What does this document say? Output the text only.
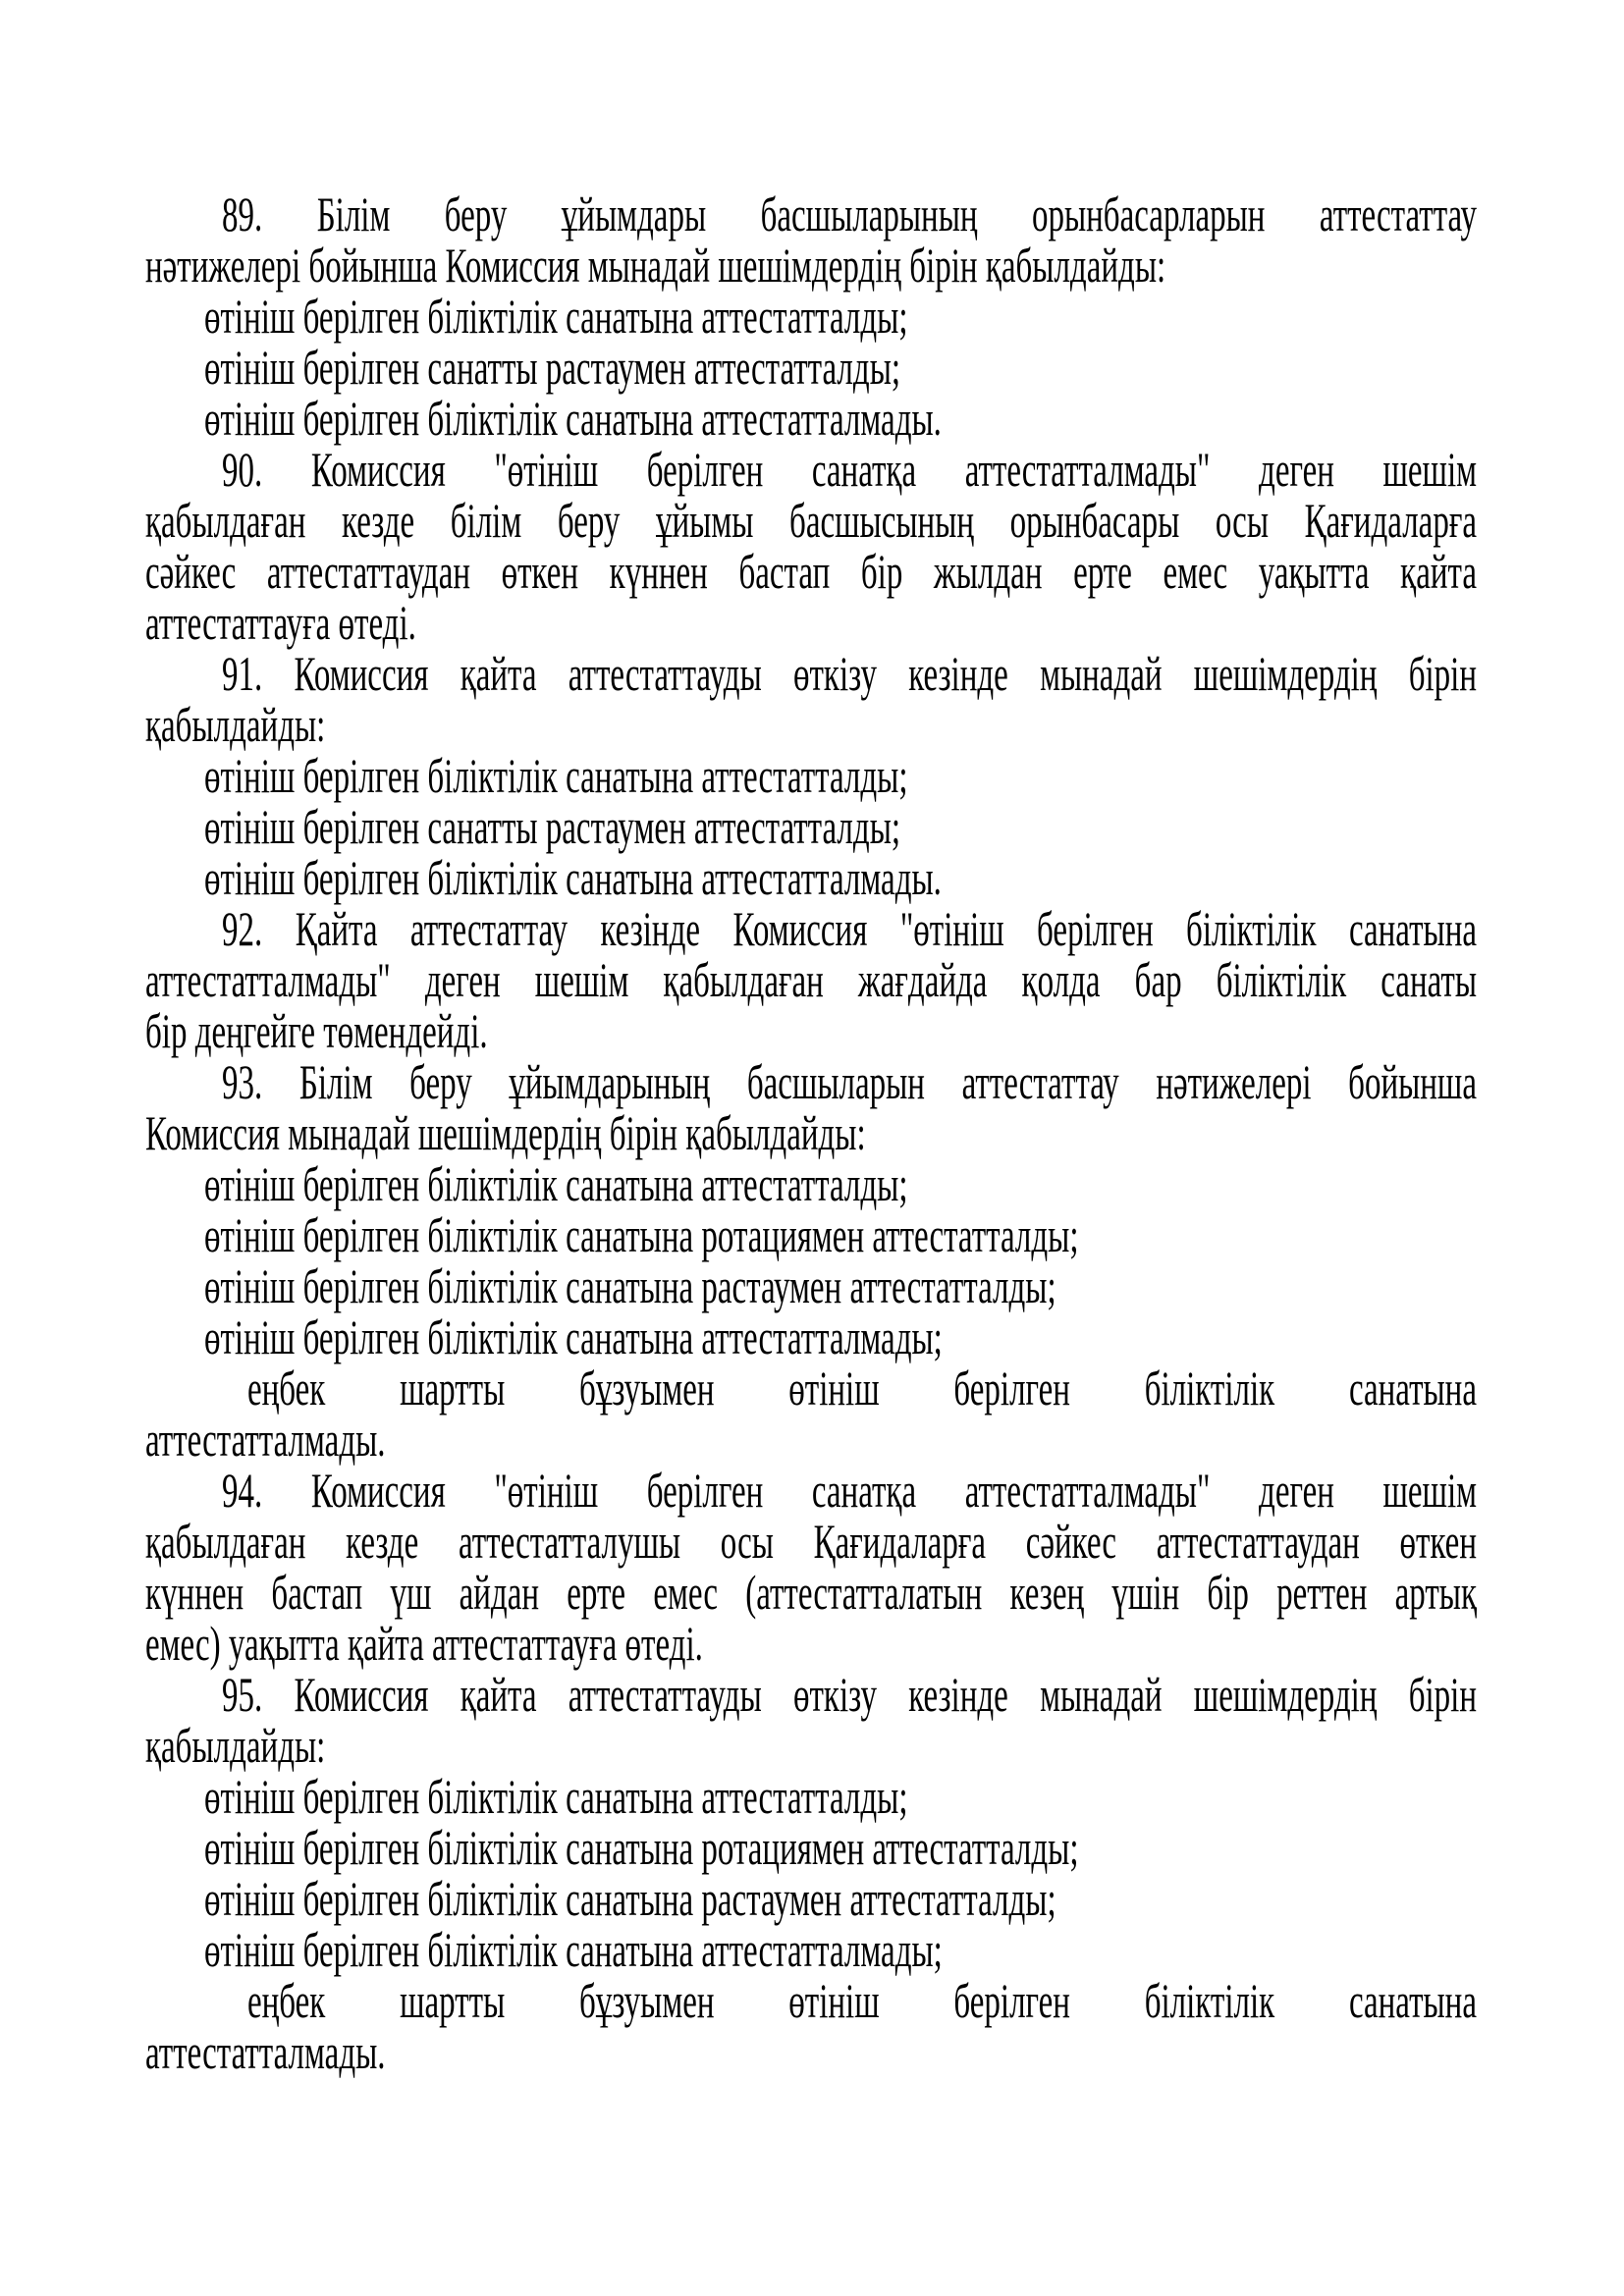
89. Білім беру ұйымдары басшыларының орынбасарларын аттестаттау
нәтижелері бойынша Комиссия мынадай шешімдердің бірін қабылдайды:
өтініш берілген біліктілік санатына аттестатталды;
өтініш берілген санатты растаумен аттестатталды;
өтініш берілген біліктілік санатына аттестатталмады.
90. Комиссия "өтініш берілген санатқа аттестатталмады" деген шешім
қабылдаған кезде білім беру ұйымы басшысының орынбасары осы Қағидаларға
сәйкес аттестаттаудан өткен күннен бастап бір жылдан ерте емес уақытта қайта
аттестаттауға өтеді.
91. Комиссия қайта аттестаттауды өткізу кезінде мынадай шешімдердің бірін
қабылдайды:
өтініш берілген біліктілік санатына аттестатталды;
өтініш берілген санатты растаумен аттестатталды;
өтініш берілген біліктілік санатына аттестатталмады.
92. Қайта аттестаттау кезінде Комиссия "өтініш берілген біліктілік санатына
аттестатталмады" деген шешім қабылдаған жағдайда қолда бар біліктілік санаты
бір деңгейге төмендейді.
93. Білім беру ұйымдарының басшыларын аттестаттау нәтижелері бойынша
Комиссия мынадай шешімдердің бірін қабылдайды:
өтініш берілген біліктілік санатына аттестатталды;
өтініш берілген біліктілік санатына ротациямен аттестатталды;
өтініш берілген біліктілік санатына растаумен аттестатталды;
өтініш берілген біліктілік санатына аттестатталмады;
еңбек шартты бұзуымен өтініш берілген біліктілік санатына
аттестатталмады.
94. Комиссия "өтініш берілген санатқа аттестатталмады" деген шешім
қабылдаған кезде аттестатталушы осы Қағидаларға сәйкес аттестаттаудан өткен
күннен бастап үш айдан ерте емес (аттестатталатын кезең үшін бір реттен артық
емес) уақытта қайта аттестаттауға өтеді.
95. Комиссия қайта аттестаттауды өткізу кезінде мынадай шешімдердің бірін
қабылдайды:
өтініш берілген біліктілік санатына аттестатталды;
өтініш берілген біліктілік санатына ротациямен аттестатталды;
өтініш берілген біліктілік санатына растаумен аттестатталды;
өтініш берілген біліктілік санатына аттестатталмады;
еңбек шартты бұзуымен өтініш берілген біліктілік санатына
аттестатталмады.
